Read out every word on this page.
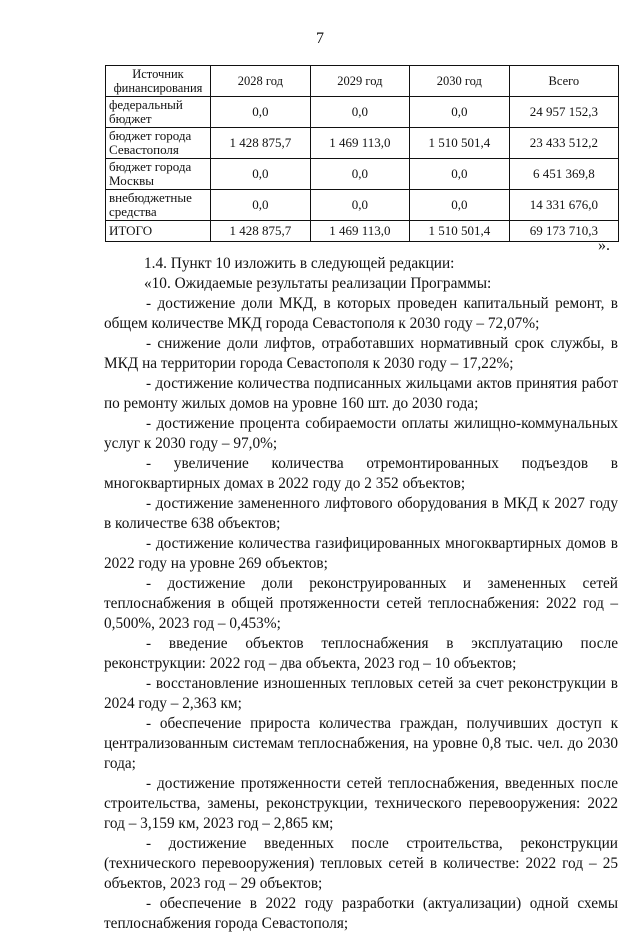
7
Источник финансирования	2028 год	2029 год	2030 год	Всего
федеральный бюджет	0,0	0,0	0,0	24 957 152,3
бюджет города Севастополя	1 428 875,7	1 469 113,0	1 510 501,4	23 433 512,2
бюджет города Москвы	0,0	0,0	0,0	6 451 369,8
внебюджетные средства	0,0	0,0	0,0	14 331 676,0
ИТОГО	1 428 875,7	1 469 113,0	1 510 501,4	69 173 710,3
».

1.4. Пункт 10 изложить в следующей редакции:

«10. Ожидаемые результаты реализации Программы:

- достижение доли МКД, в которых проведен капитальный ремонт, в общем количестве МКД города Севастополя к 2030 году – 72,07%;

- снижение доли лифтов, отработавших нормативный срок службы, в МКД на территории города Севастополя к 2030 году – 17,22%;

- достижение количества подписанных жильцами актов принятия работ по ремонту жилых домов на уровне 160 шт. до 2030 года;

- достижение процента собираемости оплаты жилищно-коммунальных услуг к 2030 году – 97,0%;

- увеличение количества отремонтированных подъездов в многоквартирных домах в 2022 году до 2 352 объектов;

- достижение замененного лифтового оборудования в МКД к 2027 году в количестве 638 объектов;

- достижение количества газифицированных многоквартирных домов в 2022 году на уровне 269 объектов;

- достижение доли реконструированных и замененных сетей теплоснабжения в общей протяженности сетей теплоснабжения: 2022 год – 0,500%, 2023 год – 0,453%;

- введение объектов теплоснабжения в эксплуатацию после реконструкции: 2022 год – два объекта, 2023 год – 10 объектов;

- восстановление изношенных тепловых сетей за счет реконструкции в 2024 году – 2,363 км;

- обеспечение прироста количества граждан, получивших доступ к централизованным системам теплоснабжения, на уровне 0,8 тыс. чел. до 2030 года;

- достижение протяженности сетей теплоснабжения, введенных после строительства, замены, реконструкции, технического перевооружения: 2022 год – 3,159 км, 2023 год – 2,865 км;

- достижение введенных после строительства, реконструкции (технического перевооружения) тепловых сетей в количестве: 2022 год – 25 объектов, 2023 год – 29 объектов;

- обеспечение в 2022 году разработки (актуализации) одной схемы теплоснабжения города Севастополя;
